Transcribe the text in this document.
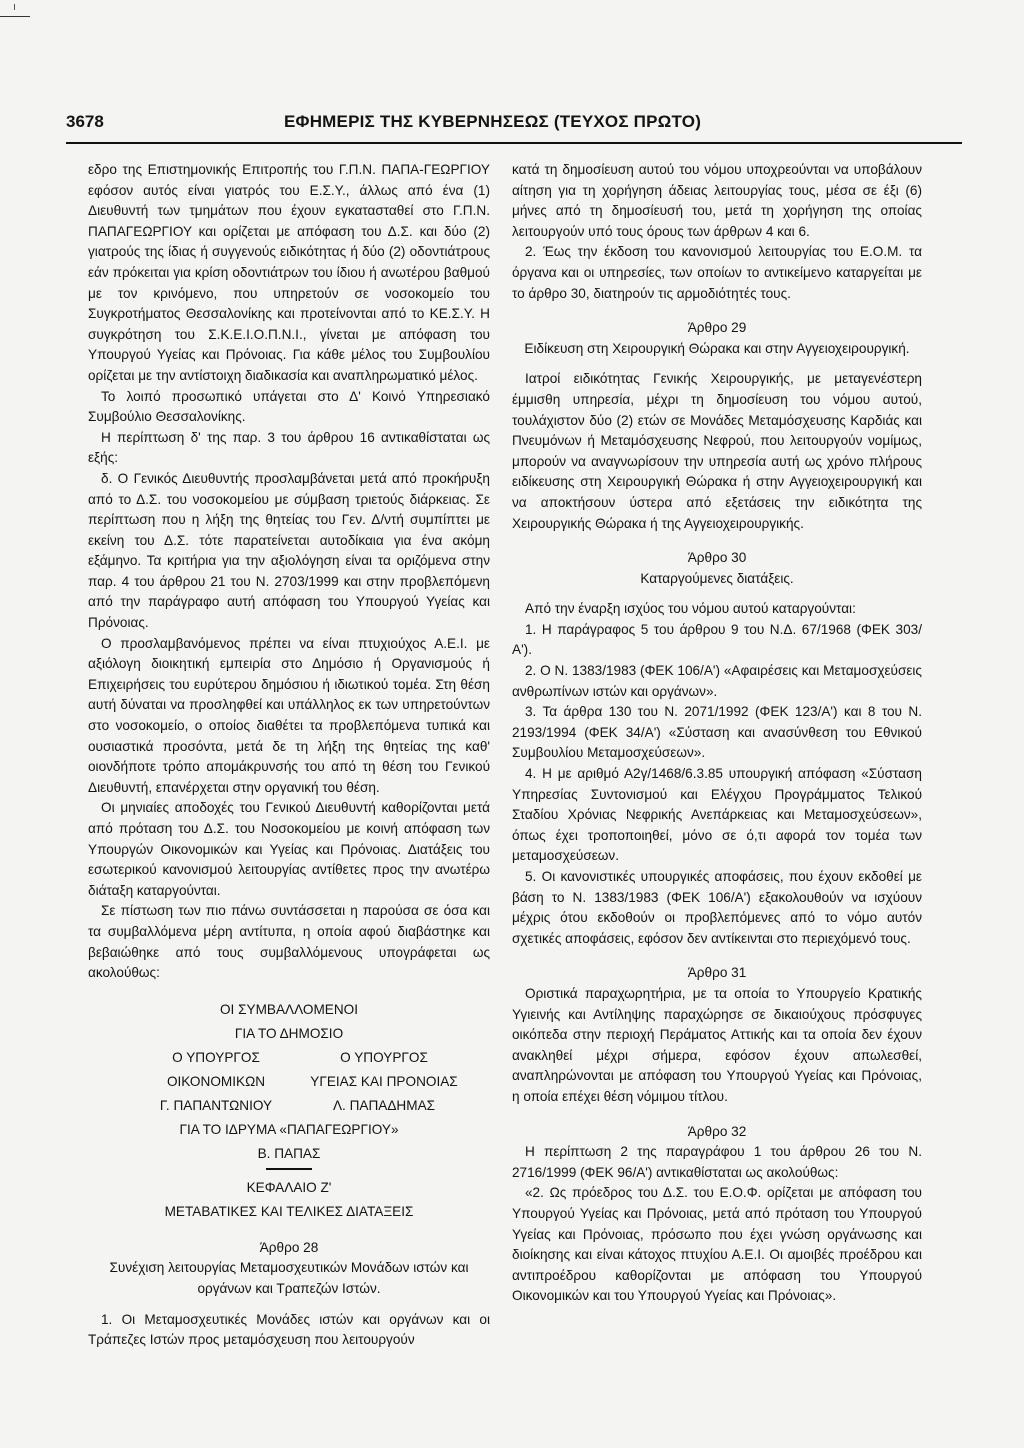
3678	ΕΦΗΜΕΡΙΣ ΤΗΣ ΚΥΒΕΡΝΗΣΕΩΣ (ΤΕΥΧΟΣ ΠΡΩΤΟ)

εδρο της Επιστημονικής Επιτροπής του Γ.Π.Ν. ΠΑΠΑ-ΓΕΩΡΓΙΟΥ εφόσον αυτός είναι γιατρός του Ε.Σ.Υ., άλλως από ένα (1) Διευθυντή των τμημάτων που έχουν εγκατασταθεί στο Γ.Π.Ν. ΠΑΠΑΓΕΩΡΓΙΟΥ και ορίζεται με απόφαση του Δ.Σ. και δύο (2) γιατρούς της ίδιας ή συγγενούς ειδικότητας ή δύο (2) οδοντιάτρους εάν πρόκειται για κρίση οδοντιάτρων του ίδιου ή ανωτέρου βαθμού με τον κρινόμενο, που υπηρετούν σε νοσοκομείο του Συγκροτήματος Θεσσαλονίκης και προτείνονται από το ΚΕ.Σ.Υ. Η συγκρότηση του Σ.Κ.Ε.Ι.Ο.Π.Ν.Ι., γίνεται με απόφαση του Υπουργού Υγείας και Πρόνοιας. Για κάθε μέλος του Συμβουλίου ορίζεται με την αντίστοιχη διαδικασία και αναπληρωματικό μέλος.

Το λοιπό προσωπικό υπάγεται στο Δ' Κοινό Υπηρεσιακό Συμβούλιο Θεσσαλονίκης.

Η περίπτωση δ' της παρ. 3 του άρθρου 16 αντικαθίσταται ως εξής:

δ. Ο Γενικός Διευθυντής προσλαμβάνεται μετά από προκήρυξη από το Δ.Σ. του νοσοκομείου με σύμβαση τριετούς διάρκειας. Σε περίπτωση που η λήξη της θητείας του Γεν. Δ/ντή συμπίπτει με εκείνη του Δ.Σ. τότε παρατείνεται αυτοδίκαια για ένα ακόμη εξάμηνο. Τα κριτήρια για την αξιολόγηση είναι τα οριζόμενα στην παρ. 4 του άρθρου 21 του Ν. 2703/1999 και στην προβλεπόμενη από την παράγραφο αυτή απόφαση του Υπουργού Υγείας και Πρόνοιας.

Ο προσλαμβανόμενος πρέπει να είναι πτυχιούχος Α.Ε.Ι. με αξιόλογη διοικητική εμπειρία στο Δημόσιο ή Οργανισμούς ή Επιχειρήσεις του ευρύτερου δημόσιου ή ιδιωτικού τομέα. Στη θέση αυτή δύναται να προσληφθεί και υπάλληλος εκ των υπηρετούντων στο νοσοκομείο, ο οποίος διαθέτει τα προβλεπόμενα τυπικά και ουσιαστικά προσόντα, μετά δε τη λήξη της θητείας της καθ' οιονδήποτε τρόπο απομάκρυνσής του από τη θέση του Γενικού Διευθυντή, επανέρχεται στην οργανική του θέση.

Οι μηνιαίες αποδοχές του Γενικού Διευθυντή καθορίζονται μετά από πρόταση του Δ.Σ. του Νοσοκομείου με κοινή απόφαση των Υπουργών Οικονομικών και Υγείας και Πρόνοιας. Διατάξεις του εσωτερικού κανονισμού λειτουργίας αντίθετες προς την ανωτέρω διάταξη καταργούνται.

Σε πίστωση των πιο πάνω συντάσσεται η παρούσα σε όσα και τα συμβαλλόμενα μέρη αντίτυπα, η οποία αφού διαβάστηκε και βεβαιώθηκε από τους συμβαλλόμενους υπογράφεται ως ακολούθως:

ΟΙ ΣΥΜΒΑΛΛΟΜΕΝΟΙ
ΓΙΑ ΤΟ ΔΗΜΟΣΙΟ
Ο ΥΠΟΥΡΓΟΣ	Ο ΥΠΟΥΡΓΟΣ
ΟΙΚΟΝΟΜΙΚΩΝ	ΥΓΕΙΑΣ ΚΑΙ ΠΡΟΝΟΙΑΣ
Γ. ΠΑΠΑΝΤΩΝΙΟΥ	Λ. ΠΑΠΑΔΗΜΑΣ
ΓΙΑ ΤΟ ΙΔΡΥΜΑ «ΠΑΠΑΓΕΩΡΓΙΟΥ»
Β. ΠΑΠΑΣ
ΚΕΦΑΛΑΙΟ Ζ'
ΜΕΤΑΒΑΤΙΚΕΣ ΚΑΙ ΤΕΛΙΚΕΣ ΔΙΑΤΑΞΕΙΣ

Άρθρο 28

Συνέχιση λειτουργίας Μεταμοσχευτικών Μονάδων ιστών και οργάνων και Τραπεζών Ιστών.

1. Οι Μεταμοσχευτικές Μονάδες ιστών και οργάνων και οι Τράπεζες Ιστών προς μεταμόσχευση που λειτουργούν

κατά τη δημοσίευση αυτού του νόμου υποχρεούνται να υποβάλουν αίτηση για τη χορήγηση άδειας λειτουργίας τους, μέσα σε έξι (6) μήνες από τη δημοσίευσή του, μετά τη χορήγηση της οποίας λειτουργούν υπό τους όρους των άρθρων 4 και 6.

2. Έως την έκδοση του κανονισμού λειτουργίας του Ε.Ο.Μ. τα όργανα και οι υπηρεσίες, των οποίων το αντικείμενο καταργείται με το άρθρο 30, διατηρούν τις αρμοδιότητές τους.

Άρθρο 29

Ειδίκευση στη Χειρουργική Θώρακα και στην Αγγειοχειρουργική.

Ιατροί ειδικότητας Γενικής Χειρουργικής, με μεταγενέστερη έμμισθη υπηρεσία, μέχρι τη δημοσίευση του νόμου αυτού, τουλάχιστον δύο (2) ετών σε Μονάδες Μεταμόσχευσης Καρδιάς και Πνευμόνων ή Μεταμόσχευσης Νεφρού, που λειτουργούν νομίμως, μπορούν να αναγνωρίσουν την υπηρεσία αυτή ως χρόνο πλήρους ειδίκευσης στη Χειρουργική Θώρακα ή στην Αγγειοχειρουργική και να αποκτήσουν ύστερα από εξετάσεις την ειδικότητα της Χειρουργικής Θώρακα ή της Αγγειοχειρουργικής.

Άρθρο 30

Καταργούμενες διατάξεις.

Από την έναρξη ισχύος του νόμου αυτού καταργούνται:

1. Η παράγραφος 5 του άρθρου 9 του Ν.Δ. 67/1968 (ΦΕΚ 303/Α').

2. Ο Ν. 1383/1983 (ΦΕΚ 106/Α') «Αφαιρέσεις και Μεταμοσχεύσεις ανθρωπίνων ιστών και οργάνων».

3. Τα άρθρα 130 του Ν. 2071/1992 (ΦΕΚ 123/Α') και 8 του Ν. 2193/1994 (ΦΕΚ 34/Α') «Σύσταση και ανασύνθεση του Εθνικού Συμβουλίου Μεταμοσχεύσεων».

4. Η με αριθμό Α2γ/1468/6.3.85 υπουργική απόφαση «Σύσταση Υπηρεσίας Συντονισμού και Ελέγχου Προγράμματος Τελικού Σταδίου Χρόνιας Νεφρικής Ανεπάρκειας και Μεταμοσχεύσεων», όπως έχει τροποποιηθεί, μόνο σε ό,τι αφορά τον τομέα των μεταμοσχεύσεων.

5. Οι κανονιστικές υπουργικές αποφάσεις, που έχουν εκδοθεί με βάση το Ν. 1383/1983 (ΦΕΚ 106/Α') εξακολουθούν να ισχύουν μέχρις ότου εκδοθούν οι προβλεπόμενες από το νόμο αυτόν σχετικές αποφάσεις, εφόσον δεν αντίκεινται στο περιεχόμενό τους.

Άρθρο 31

Οριστικά παραχωρητήρια, με τα οποία το Υπουργείο Κρατικής Υγιεινής και Αντίληψης παραχώρησε σε δικαιούχους πρόσφυγες οικόπεδα στην περιοχή Περάματος Αττικής και τα οποία δεν έχουν ανακληθεί μέχρι σήμερα, εφόσον έχουν απωλεσθεί, αναπληρώνονται με απόφαση του Υπουργού Υγείας και Πρόνοιας, η οποία επέχει θέση νόμιμου τίτλου.

Άρθρο 32

Η περίπτωση 2 της παραγράφου 1 του άρθρου 26 του Ν. 2716/1999 (ΦΕΚ 96/Α') αντικαθίσταται ως ακολούθως:

«2. Ως πρόεδρος του Δ.Σ. του Ε.Ο.Φ. ορίζεται με απόφαση του Υπουργού Υγείας και Πρόνοιας, μετά από πρόταση του Υπουργού Υγείας και Πρόνοιας, πρόσωπο που έχει γνώση οργάνωσης και διοίκησης και είναι κάτοχος πτυχίου Α.Ε.Ι. Οι αμοιβές προέδρου και αντιπροέδρου καθορίζονται με απόφαση του Υπουργού Οικονομικών και του Υπουργού Υγείας και Πρόνοιας».
